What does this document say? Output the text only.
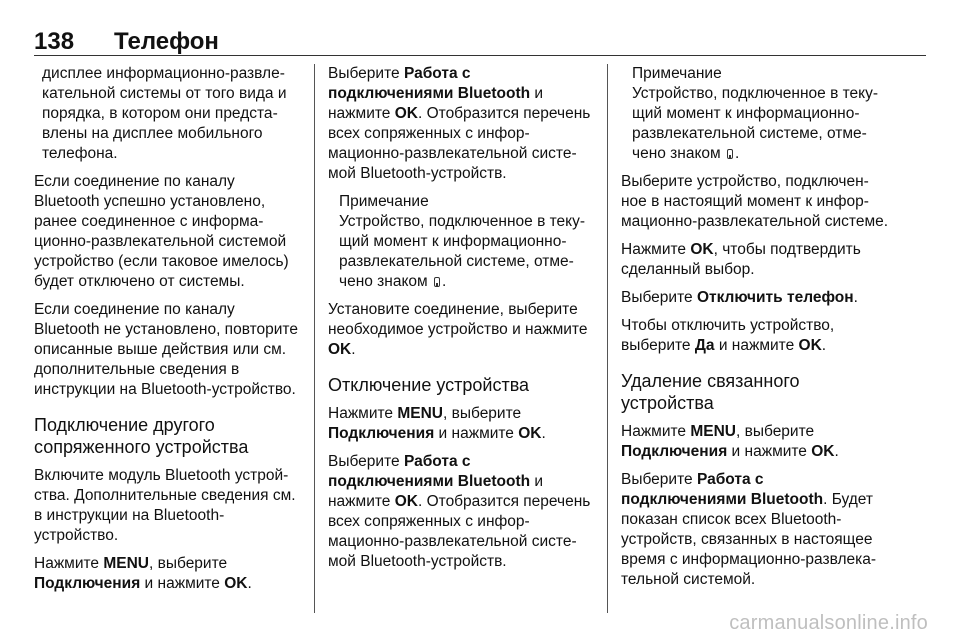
138	Телефон

дисплее информационно-развлекательной системы от того вида и порядка, в котором они представлены на дисплее мобильного телефона.

Если соединение по каналу Bluetooth успешно установлено, ранее соединенное с информационно-развлекательной системой устройство (если таковое имелось) будет отключено от системы.

Если соединение по каналу Bluetooth не установлено, повторите описанные выше действия или см. дополнительные сведения в инструкции на Bluetooth-устройство.

Подключение другого сопряженного устройства

Включите модуль Bluetooth устройства. Дополнительные сведения см. в инструкции на Bluetooth-устройство.

Нажмите MENU, выберите
Подключения и нажмите OK.

Выберите Работа с
подключениями Bluetooth и
нажмите OK. Отобразится перечень всех сопряженных с информационно-развлекательной системой Bluetooth-устройств.

Примечание
Устройство, подключенное в текущий момент к информационно-развлекательной системе, отмечено знаком .

Установите соединение, выберите необходимое устройство и нажмите OK.

Отключение устройства

Нажмите MENU, выберите
Подключения и нажмите OK.

Выберите Работа с
подключениями Bluetooth и
нажмите OK. Отобразится перечень всех сопряженных с информационно-развлекательной системой Bluetooth-устройств.

Примечание
Устройство, подключенное в текущий момент к информационно-развлекательной системе, отмечено знаком .

Выберите устройство, подключенное в настоящий момент к информационно-развлекательной системе.

Нажмите OK, чтобы подтвердить сделанный выбор.

Выберите Отключить телефон.

Чтобы отключить устройство, выберите Да и нажмите OK.

Удаление связанного устройства

Нажмите MENU, выберите
Подключения и нажмите OK.

Выберите Работа с
подключениями Bluetooth. Будет показан список всех Bluetooth-устройств, связанных в настоящее время с информационно-развлекательной системой.

carmanualsonline.info
